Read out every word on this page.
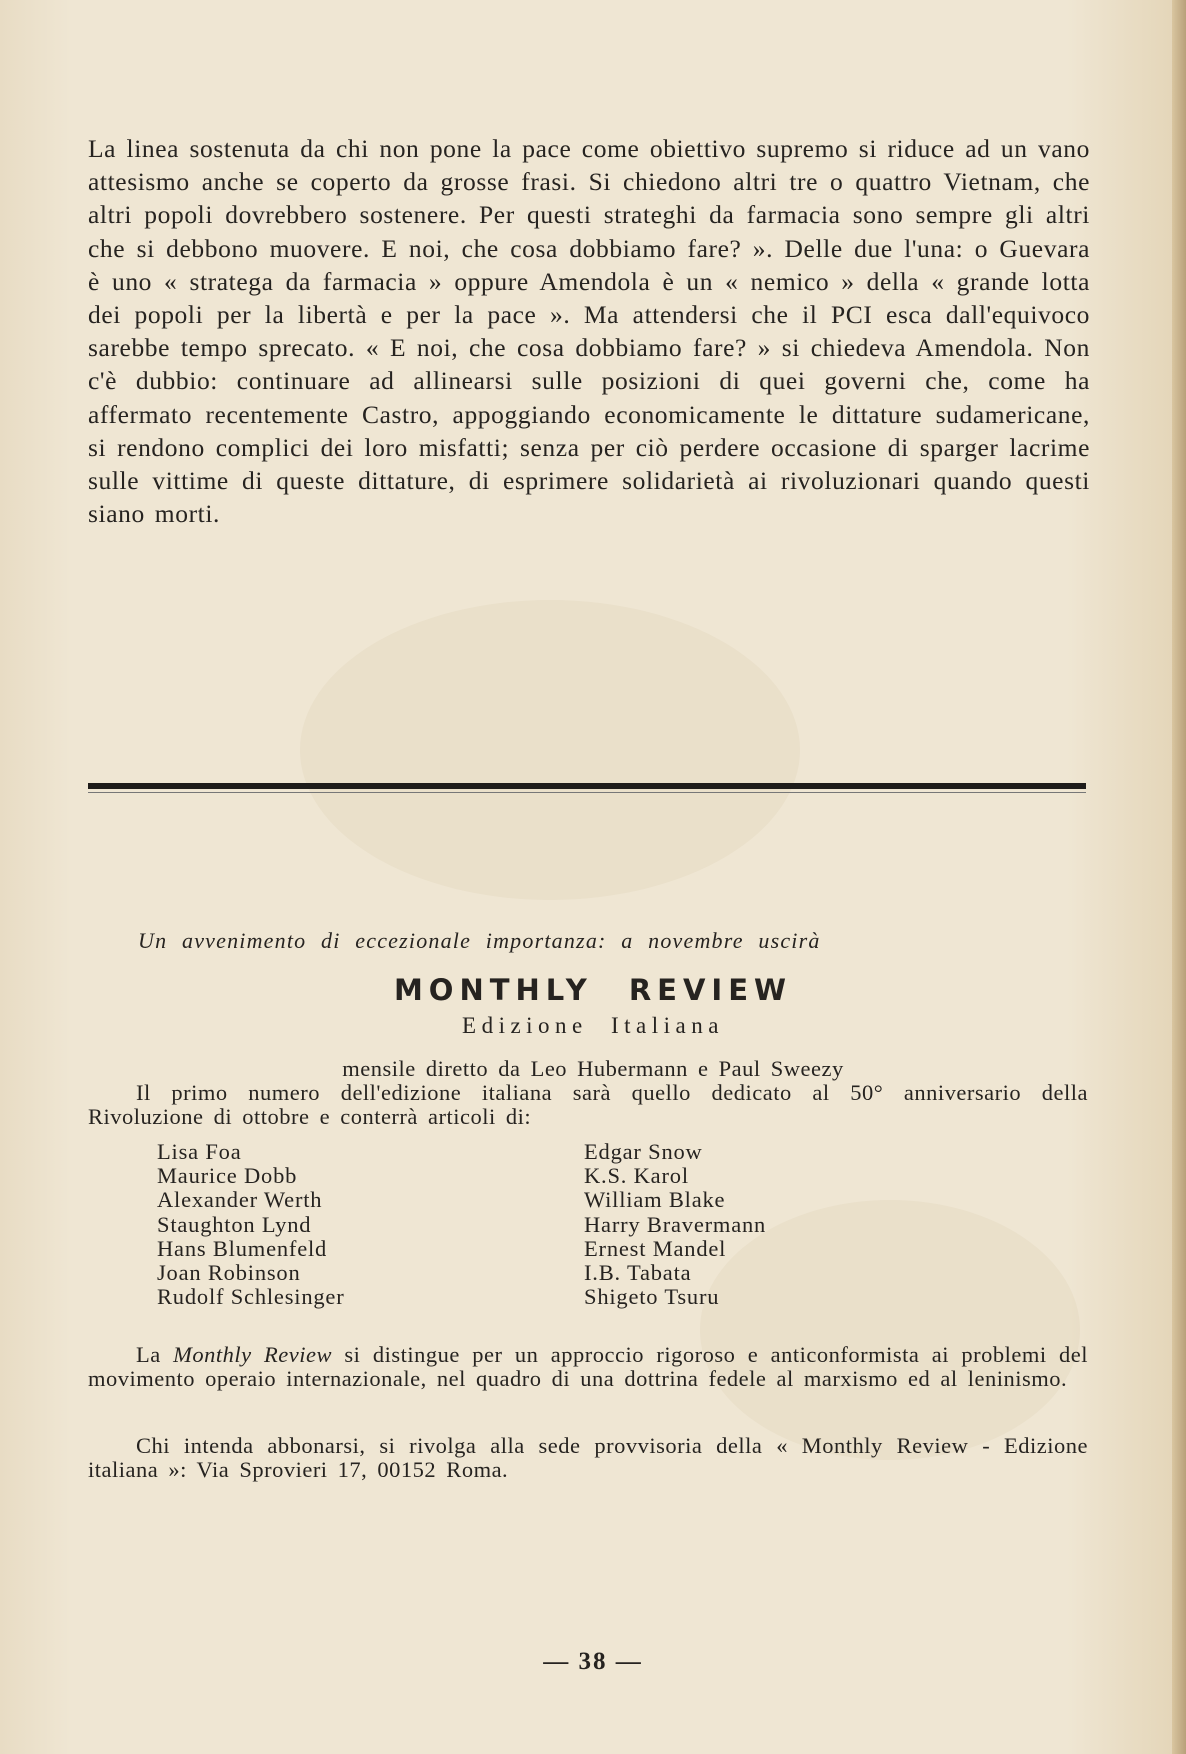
La linea sostenuta da chi non pone la pace come obiettivo supremo si riduce ad un vano attesismo anche se coperto da grosse frasi. Si chiedono altri tre o quattro Vietnam, che altri popoli dovrebbero sostenere. Per questi strateghi da farmacia sono sempre gli altri che si debbono muovere. E noi, che cosa dobbiamo fare? ». Delle due l'una: o Guevara è uno « stratega da farmacia » oppure Amendola è un « nemico » della « grande lotta dei popoli per la libertà e per la pace ». Ma attendersi che il PCI esca dall'equivoco sarebbe tempo sprecato. « E noi, che cosa dobbiamo fare? » si chiedeva Amendola. Non c'è dubbio: continuare ad allinearsi sulle posizioni di quei governi che, come ha affermato recentemente Castro, appoggiando economicamente le dittature sudamericane, si rendono complici dei loro misfatti; senza per ciò perdere occasione di sparger lacrime sulle vittime di queste dittature, di esprimere solidarietà ai rivoluzionari quando questi siano morti.
Un avvenimento di eccezionale importanza: a novembre uscirà
MONTHLY REVIEW
Edizione Italiana
mensile diretto da Leo Hubermann e Paul Sweezy
Il primo numero dell'edizione italiana sarà quello dedicato al 50° anniversario della Rivoluzione di ottobre e conterrà articoli di:
Lisa Foa
Maurice Dobb
Alexander Werth
Staughton Lynd
Hans Blumenfeld
Joan Robinson
Rudolf Schlesinger
Edgar Snow
K.S. Karol
William Blake
Harry Bravermann
Ernest Mandel
I.B. Tabata
Shigeto Tsuru
La Monthly Review si distingue per un approccio rigoroso e anticonformista ai problemi del movimento operaio internazionale, nel quadro di una dottrina fedele al marxismo ed al leninismo.
Chi intenda abbonarsi, si rivolga alla sede provvisoria della « Monthly Review - Edizione italiana »: Via Sprovieri 17, 00152 Roma.
— 38 —
